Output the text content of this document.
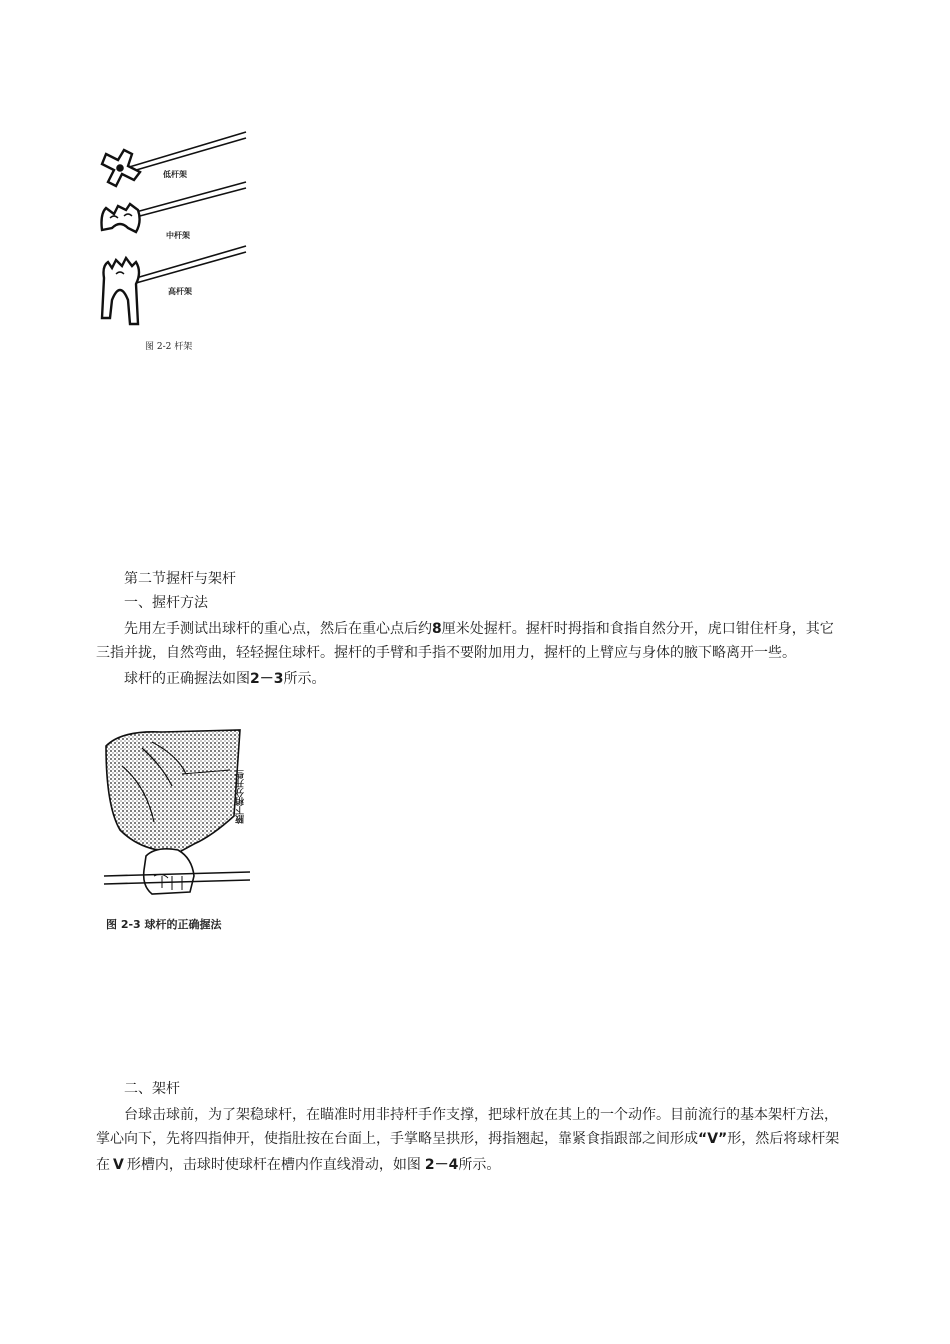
低杆架
中杆架
高杆架
图 2-2 杆架
第二节握杆与架杆
一、握杆方法
先用左手测试出球杆的重心点，然后在重心点后约8厘米处握杆。握杆时拇指和食指自然分开，虎口钳住杆身，其它
三指并拢，自然弯曲，轻轻握住球杆。握杆的手臂和手指不要附加用力，握杆的上臂应与身体的腋下略离开一些。
球杆的正确握法如图2－3所示。
腋下稍分开些
图 2-3 球杆的正确握法
二、架杆
台球击球前，为了架稳球杆，在瞄准时用非持杆手作支撑，把球杆放在其上的一个动作。目前流行的基本架杆方法，
掌心向下，先将四指伸开，使指肚按在台面上，手掌略呈拱形，拇指翘起，靠紧食指跟部之间形成“V”形，然后将球杆架
在 V 形槽内，击球时使球杆在槽内作直线滑动，如图 2－4所示。
